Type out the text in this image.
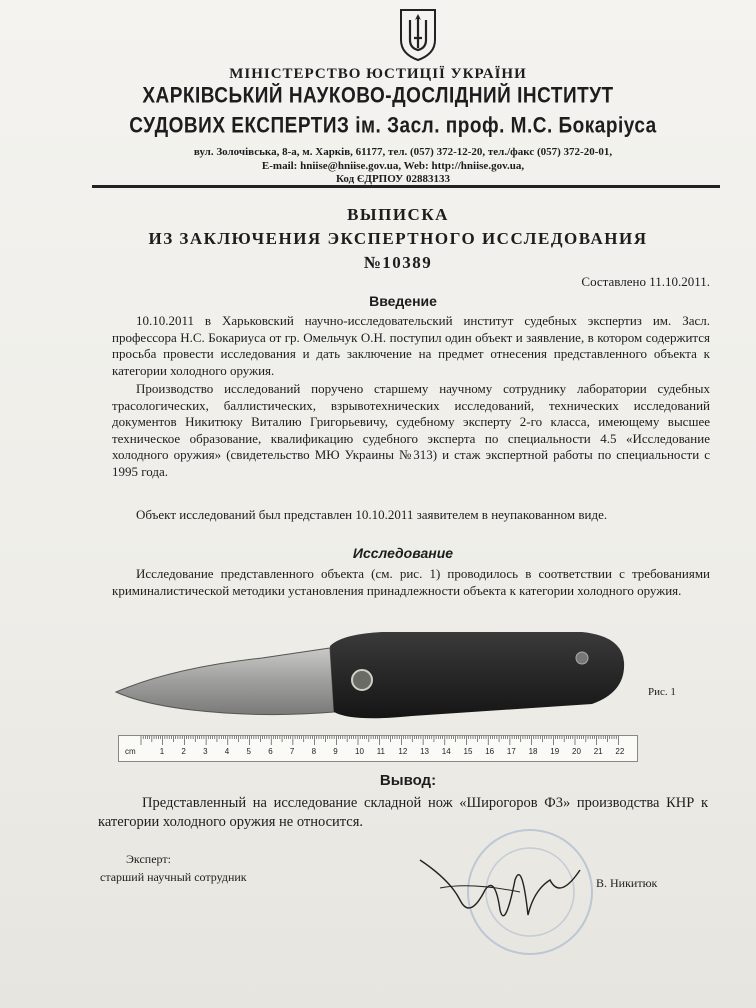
МІНІСТЕРСТВО ЮСТИЦІЇ УКРАЇНИ
ХАРКІВСЬКИЙ НАУКОВО-ДОСЛІДНИЙ ІНСТИТУТ
СУДОВИХ ЕКСПЕРТИЗ ім. Засл. проф. М.С. Бокаріуса
вул. Золочівська, 8-а, м. Харків, 61177, тел. (057) 372-12-20, тел./факс (057) 372-20-01,
E-mail: hniise@hniise.gov.ua, Web: http://hniise.gov.ua,
Код ЄДРПОУ 02883133
ВЫПИСКА
ИЗ ЗАКЛЮЧЕНИЯ ЭКСПЕРТНОГО ИССЛЕДОВАНИЯ
№10389
Составлено 11.10.2011.
Введение
10.10.2011 в Харьковский научно-исследовательский институт судебных экспертиз им. Засл. профессора Н.С. Бокариуса от гр. Омельчук О.Н. поступил один объект и заявление, в котором содержится просьба провести исследования и дать заключение на предмет отнесения представленного объекта к категории холодного оружия.
Производство исследований поручено старшему научному сотруднику лаборатории судебных трасологических, баллистических, взрывотехнических исследований, технических исследований документов Никитюку Виталию Григорьевичу, судебному эксперту 2-го класса, имеющему высшее техническое образование, квалификацию судебного эксперта по специальности 4.5 «Исследование холодного оружия» (свидетельство МЮ Украины №313) и стаж экспертной работы по специальности с 1995 года.
Объект исследований был представлен 10.10.2011 заявителем в неупакованном виде.
Исследование
Исследование представленного объекта (см. рис. 1) проводилось в соответствии с требованиями криминалистической методики установления принадлежности объекта к категории холодного оружия.
Рис. 1
cm	1 2 3 4 5 6 7 8 9 10 11 12 13 14 15 16 17 18 19 20 21 22
Вывод:
Представленный на исследование складной нож «Широгоров Ф3» производства КНР к категории холодного оружия не относится.
Эксперт:
старший научный сотрудник	В. Никитюк
